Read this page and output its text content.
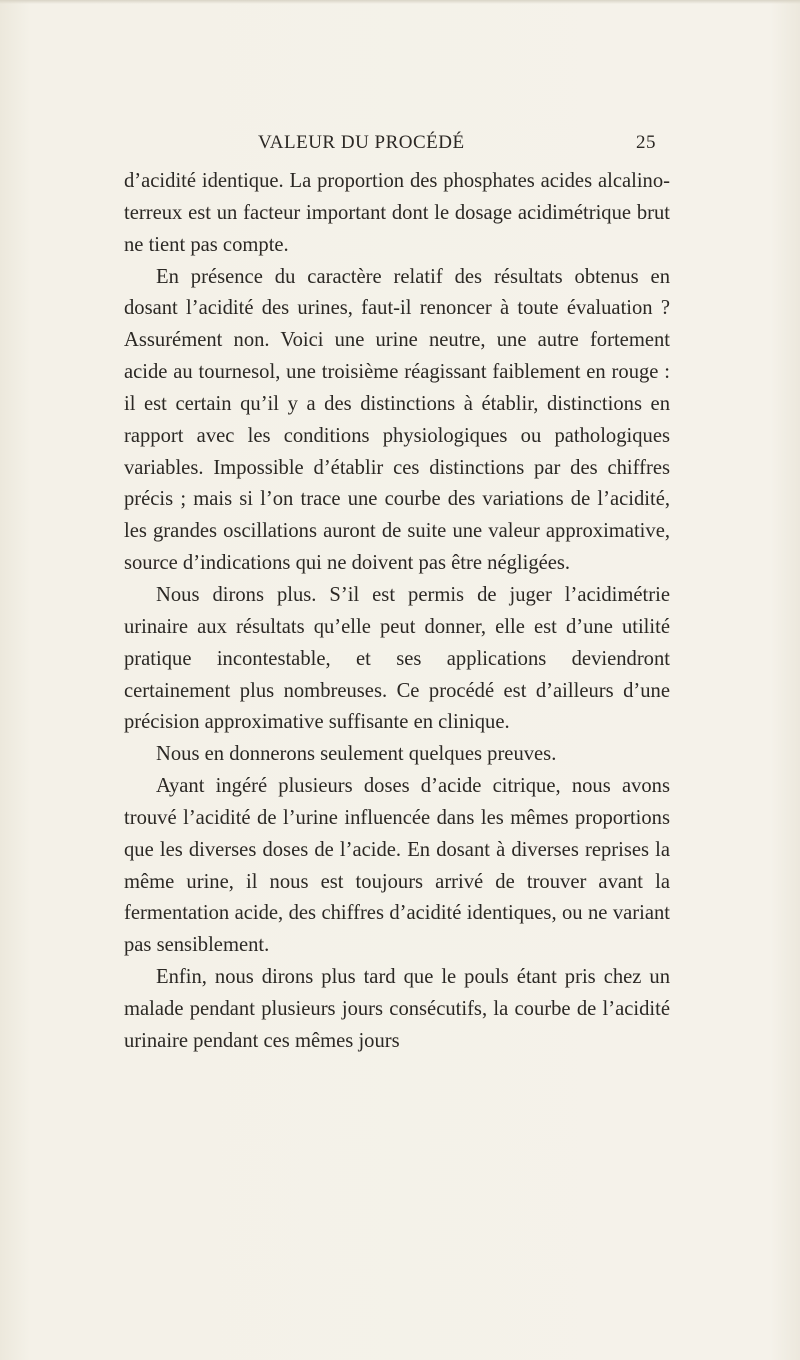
VALEUR DU PROCÉDÉ	25

d’acidité identique. La proportion des phosphates acides alcalino-terreux est un facteur important dont le dosage acidimétrique brut ne tient pas compte.

En présence du caractère relatif des résultats obtenus en dosant l’acidité des urines, faut-il renoncer à toute évaluation ? Assurément non. Voici une urine neutre, une autre fortement acide au tournesol, une troisième réagissant faiblement en rouge : il est certain qu’il y a des distinctions à établir, distinctions en rapport avec les conditions physiologiques ou pathologiques variables. Impossible d’établir ces distinctions par des chiffres précis ; mais si l’on trace une courbe des variations de l’acidité, les grandes oscillations auront de suite une valeur approximative, source d’indications qui ne doivent pas être négligées.

Nous dirons plus. S’il est permis de juger l’acidimétrie urinaire aux résultats qu’elle peut donner, elle est d’une utilité pratique incontestable, et ses applications deviendront certainement plus nombreuses. Ce procédé est d’ailleurs d’une précision approximative suffisante en clinique.

Nous en donnerons seulement quelques preuves.

Ayant ingéré plusieurs doses d’acide citrique, nous avons trouvé l’acidité de l’urine influencée dans les mêmes proportions que les diverses doses de l’acide. En dosant à diverses reprises la même urine, il nous est toujours arrivé de trouver avant la fermentation acide, des chiffres d’acidité identiques, ou ne variant pas sensiblement.

Enfin, nous dirons plus tard que le pouls étant pris chez un malade pendant plusieurs jours consécutifs, la courbe de l’acidité urinaire pendant ces mêmes jours
